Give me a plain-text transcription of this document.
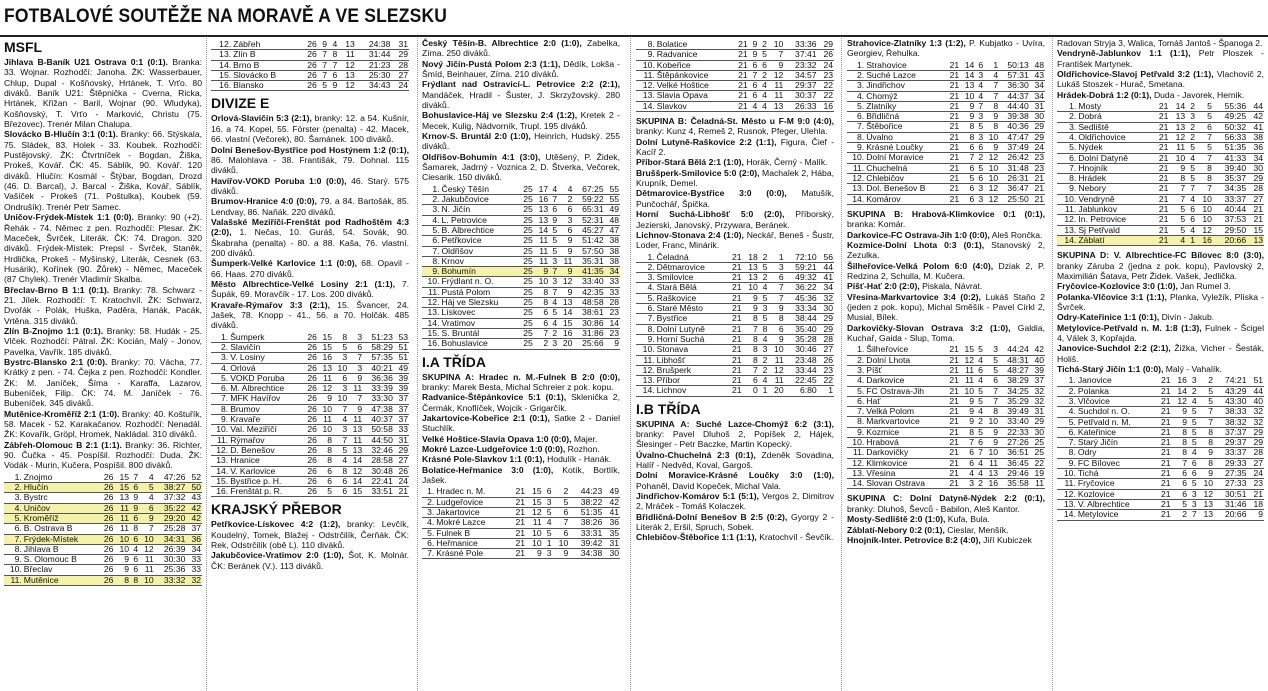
FOTBALOVÉ SOUTĚŽE NA MORAVĚ A VE SLEZSKU
MSFL

Jihlava B-Baník U21 Ostrava 0:1 (0:1). Branka: 33. Wojnar. Rozhodčí: Janoha. ŽK: Wasserbauer, Chlup, Dupal - Košňovský, Hrtánek, T. Vrťo. 80 diváků. Baník U21: Štěpnička - Cverna, Ricka, Hrtánek, Křižan - Baril, Wojnar (90. Wludyka), Košňovský, T. Vrťo - Marković, Christu (75. Březovec). Trenér Milan Chalupa.

Slovácko B-Hlučín 3:1 (0:1). Branky: 66. Stýskala, 75. Sládek, 83. Holek - 33. Koubek. Rozhodčí: Pustějovský. ŽK: Čtvrtníček - Bogdan, Žiška, Prokeš, Kovář. ČK: 45. Sáblík, 90. Kovář. 120 diváků. Hlučín: Kosmál - Štýbar, Bogdan, Drozd (46. D. Barcal), J. Barcal - Žiška, Kovář, Sáblík, Vašíček - Prokeš (71. Poštulka), Koubek (59. Ondrušík). Trenér Petr Samec.

Uničov-Frýdek-Místek 1:1 (0:0). Branky: 90 (+2). Řehák - 74. Němec z pen. Rozhodčí: Plesar. ŽK: Maceček, Švrček, Literák. ČK: 74. Dragon. 320 diváků. Frýdek-Místek: Prepsl - Švrček, Staněk, Hrdlička, Prokeš - Myšinský, Literák, Cesnek (63. Husárik), Kořínek (90. Žůrek) - Němec, Maceček (87 Chylek). Trenér Vladimír Skalba.

Břeclav-Brno B 1:1 (0:1). Branky: 78. Schwarz - 21. Jílek. Rozhodčí: T. Kratochvíl. ŽK: Schwarz, Dvořák - Polák, Huška, Paděra, Hanák, Pacák, Vrtěna. 315 diváků.

Zlín B-Znojmo 1:1 (0:1). Branky: 58. Hudák - 25. Vlček. Rozhodčí: Pátral. ŽK: Kocián, Malý - Jonov, Pavelka, Vavřík. 185 diváků.

Bystrc-Blansko 2:1 (0:0). Branky: 70. Vácha, 77. Krátký z pen. - 74. Čejka z pen. Rozhodčí: Kondler. ŽK: M. Janíček, Šíma - Karaffa, Lazarov, Bubeníček, Filip. ČK: 74. M. Janíček - 76. Bubeníček. 345 diváků.

Mutěnice-Kroměříž 2:1 (1:0). Branky: 40. Koštuřík, 58. Macek - 52. Karakačanov. Rozhodčí: Nenadál. ŽK: Kovařík, Gröpl, Hromek, Nakládal. 310 diváků.

Zábřeh-Olomouc B 2:1 (1:1). Branky: 36. Richter, 90. Čučka - 45. Pospíšil. Rozhodčí: Duda. ŽK: Vodák - Murin, Kučera, Pospíšil. 800 diváků.

1.	Znojmo	26	15	7	4	47:26	52
2.	Hlučín	26	15	6	5	38:27	50
3.	Bystrc	26	13	9	4	37:32	43
4.	Uničov	26	11	9	6	35:22	42
5.	Kroměříž	26	11	6	9	29:20	42
6.	B. Ostrava B	26	11	8	7	25:28	37
7.	Frýdek-Místek	26	10	6	10	34:31	36
8.	Jihlava B	26	10	4	12	26:39	34
9.	S. Olomouc B	26	9	6	11	30:30	33
10.	Břeclav	26	9	6	11	25:36	33
11.	Mutěnice	26	8	8	10	33:32	32
12.	Zábřeh	26	9	4	13	24:38	31
13.	Zlín B	26	7	8	11	31:44	29
14.	Brno B	26	7	7	12	21:23	28
15.	Slovácko B	26	7	6	13	25:30	27
16.	Blansko	26	5	9	12	34:43	24
DIVIZE E

Orlová-Slavičín 5:3 (2:1), branky: 12. a 54. Kušnír, 16. a 74. Kopel, 55. Förster (penalta) - 42. Macek, 66. vlastní (Večorek), 80. Šamánek. 100 diváků.

Dolní Benešov-Bystřice pod Hostýnem 1:2 (0:1), 86. Malohlava - 38. Františák, 79. Dohnal. 115 diváků.

Havířov-VOKD Poruba 1:0 (0:0), 46. Starý. 575 diváků.

Brumov-Hranice 4:0 (0:0), 79. a 84. Bartošák, 85. Lendvay, 86. Naňák. 220 diváků.

Valašské Meziříčí-Frenštát pod Radhoštěm 4:3 (2:0), 1. Nečas, 10. Guráš, 54. Sovák, 90. Škabraha (penalta) - 80. a 88. Kaša, 76. vlastní. 200 diváků.

Šumperk-Velké Karlovice 1:1 (0:0), 68. Opavil - 66. Haas. 270 diváků.

Město Albrechtice-Velké Losiny 2:1 (1:1), 7. Šupák, 69. Moravčík - 17. Los. 200 diváků.

Kravaře-Rýmařov 3:3 (2:1), 15. Švancer, 24. Jašek, 78. Knopp - 41., 56. a 70. Holčák. 485 diváků.

1.	Šumperk	26	15	8	3	51:23	53
2.	Slavičín	26	15	5	6	58:29	51
3.	V. Losiny	26	16	3	7	57:35	51
4.	Orlová	26	13	10	3	40:21	49
5.	VOKD Poruba	26	11	6	9	36:36	39
6.	M. Albrechtice	26	12	3	11	33:39	39
7.	MFK Havířov	26	9	10	7	33:30	37
8.	Brumov	26	10	7	9	47:38	37
9.	Kravaře	26	11	4	11	40:37	37
10.	Val. Meziříčí	26	10	3	13	50:58	33
11.	Rýmařov	26	8	7	11	44:50	31
12.	D. Benešov	26	8	5	13	32:46	29
13.	Hranice	26	8	4	14	28:58	27
14.	V. Karlovice	26	6	8	12	30:48	26
15.	Bystřice p. H.	26	6	6	14	22:41	24
16.	Frenštát p. R.	26	5	6	15	33:51	21
KRAJSKÝ PŘEBOR

Petřkovice-Lískovec 4:2 (1:2), branky: Levčík, Koudelný, Tomek, Blažej - Odstrčilík, Čerňák. ČK: Rek, Odstrčilík (obě L). 110 diváků.

Jakubčovice-Vratimov 2:0 (1:0), Šot, K. Molnár. ČK: Beránek (V.). 113 diváků.

Český Těšín-B. Albrechtice 2:0 (1:0), Zabelka, Zíma. 250 diváků.

Nový Jičín-Pustá Polom 2:3 (1:1), Dědík, Lokša - Šmíd, Beinhauer, Zíma. 210 diváků.

Frýdlant nad Ostravicí-L. Petrovice 2:2 (2:1), Mandáček, Hradil - Šuster, J. Skrzyžovský. 280 diváků.

Bohuslavice-Háj ve Slezsku 2:4 (1:2), Kretek 2 - Mecek, Kulig, Nádvorník, Trupl. 195 diváků.

Krnov-S. Bruntál 2:0 (1:0), Heinrich, Hudský. 255 diváků.

Oldřišov-Bohumín 4:1 (3:0), Utěšený, P. Židek, Šamarek, Jadrný - Voznica 2, D. Štverka, Večorek, Ciesarik. 150 diváků.

1.	Český Těšín	25	17	4	4	67:25	55
2.	Jakubčovice	25	16	7	2	59:22	55
3.	N. Jičín	25	13	6	6	65:31	49
4.	L. Petrovice	25	13	9	3	52:31	48
5.	B. Albrechtice	25	14	5	6	45:27	47
6.	Petřkovice	25	11	5	9	51:42	38
7.	Oldřišov	25	11	5	9	57:50	38
8.	Krnov	25	11	3	11	35:31	38
9.	Bohumín	25	9	7	9	41:35	34
10.	Frýdlant n. O.	25	10	3	12	33:40	33
11.	Pustá Polom	25	8	7	9	42:35	33
12.	Háj ve Slezsku	25	8	4	13	48:58	28
13.	Lískovec	25	6	5	14	38:61	23
14.	Vratimov	25	6	4	15	30:86	14
15.	S. Bruntál	25	7	2	16	31:86	23
16.	Bohuslavice	25	2	3	20	25:66	9
I.A TŘÍDA

SKUPINA A: Hradec n. M.-Fulnek B 2:0 (0:0), branky: Marek Besta, Michal Schreier z pok. kopu.

Radvanice-Štěpánkovice 5:1 (0:1), Sklenička 2, Čermák, Knoflíček, Wojcik - Grigarčík.

Jakartovice-Kobeřice 2:1 (0:1), Satke 2 - Daniel Stuchlík.

Velké Hoštice-Slavia Opava 1:0 (0:0), Majer.

Mokré Lazce-Ludgeřovice 1:0 (0:0), Rozhon.

Krásné Pole-Slavkov 1:1 (0:1), Hodulík - Hanák.

Bolatice-Heřmanice 3:0 (1:0), Kotík, Bortlík, Jašek.

1.	Hradec n. M.	21	15	6	2	44:23	49
2.	Ludgeřovice	21	15	3	5	38:22	42
3.	Jakartovice	21	12	5	6	51:35	41
4.	Mokré Lazce	21	11	4	7	38:26	36
5.	Fulnek B	21	10	5	6	33:31	35
6.	Heřmanice	21	10	1	10	39:42	31
7.	Krásné Pole	21	9	3	9	34:38	30
8.	Bolatice	21	9	2	10	33:36	29
9.	Radvanice	21	9	5	7	37:41	26
10.	Kobeřice	21	6	6	9	23:32	24
11.	Štěpánkovice	21	7	2	12	34:57	23
12.	Velké Hoštice	21	6	4	11	29:37	22
13.	Slavia Opava	21	6	4	11	30:37	22
14.	Slavkov	21	4	4	13	26:33	16

SKUPINA B: Čeladná-St. Město u F-M 9:0 (4:0), branky: Kunz 4, Remeš 2, Rusnok, Pfeger, Ulehla.

Dolní Lutyně-Raškovice 2:2 (1:1), Figura, Čief - Kacíř 2.

Příbor-Stará Bělá 2:1 (1:0), Horák, Černý - Malík.

Bruššperk-Smilovice 5:0 (2:0), Machalek 2, Hába, Krupník, Demel.

Dětmarovice-Bystřice 3:0 (0:0), Matušík, Punčochář, Špička.

Horní Suchá-Libhošť 5:0 (2:0), Příborský, Jezierski, Janovský, Przywara, Beránek.

Lichnov-Stonava 2:4 (1:0), Neckář, Beneš - Šustr, Loder, Franc, Minárik.

1.	Čeladná	21	18	2	1	72:10	56
2.	Dětmarovice	21	13	5	3	59:21	44
3.	Smilovice	21	13	2	6	49:32	41
4.	Stará Bělá	21	10	4	7	36:22	34
5.	Raškovice	21	9	5	7	45:36	32
6.	Staré Město	21	9	3	9	33:34	30
7.	Bystřice	21	8	5	8	38:44	29
8.	Dolní Lutyně	21	7	8	6	35:40	29
9.	Horní Suchá	21	8	4	9	35:28	28
10.	Stonava	21	8	3	10	30:46	27
11.	Libhošť	21	8	2	11	23:48	26
12.	Brušperk	21	7	2	12	33:44	23
13.	Příbor	21	6	4	11	22:45	22
14.	Lichnov	21	0	1	20	6:80	1
I.B TŘÍDA

SKUPINA A: Suché Lazce-Chomýž 6:2 (3:1), branky: Pavel Dluhoš 2, Popíšek 2, Hájek, Šlesinger - Petr Baczke, Martin Kopecký.

Úvalno-Chuchelná 2:3 (0:1), Zdeněk Sovadina, Halíř - Nedvěd, Koval, Gargoš.

Dolní Moravice-Krásné Loučky 3:0 (1:0), Pohaněl, David Kopeček, Michal Vala.

Jindřichov-Komárov 5:1 (5:1), Vergos 2, Dimitrov 2, Mráček - Tomáš Kolaczek.

Břidličná-Dolní Benešov B 2:5 (0:2), Gyorgy 2 - Literák 2, Eršil, Spruch, Sobek.

Chlebičov-Štěbořice 1:1 (1:1), Kratochvíl - Ševčík.

Strahovice-Zlatníky 1:3 (1:2), P. Kubjatko - Uvíra, Georgiev, Řehulka.

1.	Strahovice	21	14	6	1	50:13	48
2.	Suché Lazce	21	14	3	4	57:31	43
3.	Jindřichov	21	13	4	7	36:30	34
4.	Chomýž	21	10	4	7	44:37	34
5.	Zlatníky	21	9	7	8	44:40	31
6.	Břidličná	21	9	3	9	39:38	30
7.	Štěbořice	21	8	5	8	40:36	29
8.	Úvalno	21	8	3	10	47:47	29
9.	Krásné Loučky	21	6	6	9	37:49	24
10.	Dolní Moravice	21	7	2	12	26:42	23
11.	Chuchelná	21	6	5	10	31:48	23
12.	Chlebičov	21	5	6	10	26:31	21
13.	Dol. Benešov B	21	6	3	12	36:47	21
14.	Komárov	21	6	3	12	25:50	21

SKUPINA B: Hrabová-Klimkovice 0:1 (0:1), branka: Komár.

Darkovice-FC Ostrava-Jih 1:0 (0:0), Aleš Rončka.

Kozmice-Dolní Lhota 0:3 (0:1), Stanovský 2, Zezulka.

Šilheřovice-Velká Polom 6:0 (4:0), Dziak 2, P. Redzina 2, Schulla, M. Kučera.

Píšť-Hať 2:0 (2:0), Piskala, Návrat.

Vřesina-Markvartovice 3:4 (0:2), Lukáš Staňo 2 (jeden z pok. kopu), Michal Směšík - Pavel Církl 2, Musial, Bílek.

Darkovičky-Slovan Ostrava 3:2 (1:0), Galdia, Kuchař, Gaida - Slup, Toma.

1.	Šilheřovice	21	15	5	3	44:24	42
2.	Dolní Lhota	21	12	4	5	48:31	40
3.	Píšť	21	11	6	5	48:27	39
4.	Darkovice	21	11	4	6	38:29	37
5.	FC Ostrava-Jih	21	10	5	7	34:25	32
6.	Hať	21	9	5	7	35:29	32
7.	Velká Polom	21	9	4	8	39:49	31
8.	Markvartovice	21	9	2	10	33:40	29
9.	Kozmice	21	8	5	9	22:33	30
10.	Hrabová	21	7	6	9	27:26	25
11.	Darkovičky	21	6	7	10	36:51	25
12.	Klimkovice	21	6	4	11	36:45	22
13.	Vřesina	21	4	4	13	29:46	19
14.	Slovan Ostrava	21	3	2	16	35:58	11

SKUPINA C: Dolní Datyně-Nýdek 2:2 (0:1), branky: Dluhoš, Ševců - Babilon, Aleš Kantor.

Mosty-Sedliště 2:0 (1:0), Kufa, Bula.

Záblatí-Nebory 0:2 (0:1), Cieslar, Menšík.

Hnojník-Inter. Petrovice 8:2 (4:0), Jiří Kubiczek

Radovan Stryja 3, Walica, Tomáš Jantoš - Španoga 2.

Vendryně-Jablunkov 1:1 (1:1), Petr Ploszek - František Martynek.

Oldřichovice-Slavoj Petřvald 3:2 (1:1), Vlachovič 2, Lukáš Stoszek - Hurač, Smetana.

Hrádek-Dobrá 1:2 (0:1), Duda - Javorek, Hernik.

1.	Mosty	21	14	2	5	55:36	44
2.	Dobrá	21	13	3	5	49:25	42
3.	Sedliště	21	13	2	6	50:32	41
4.	Oldřichovice	21	12	2	7	56:33	38
5.	Nýdek	21	11	5	5	51:35	36
6.	Dolní Datyně	21	10	4	7	41:33	34
7.	Hnojník	21	9	5	8	39:40	30
8.	Hrádek	21	8	5	8	35:37	29
9.	Nebory	21	7	7	7	34:35	28
10.	Vendryně	21	7	4	10	33:37	27
11.	Jablunkov	21	5	6	10	40:44	21
12.	In. Petrovice	21	5	6	10	37:53	21
13.	Sj Petřvald	21	5	4	12	29:50	15
14.	Záblatí	21	4	1	16	20:66	13

SKUPINA D: V. Albrechtice-FC Bílovec 8:0 (3:0), branky Záruba 2 (jedna z pok. kopu), Pavlovský 2, Maximilián Šatava, Petr Židek. Vašek, Jedlička.

Fryčovice-Kozlovice 3:0 (1:0), Jan Rumel 3.

Polanka-Vlčovice 3:1 (1:1), Planka, Vyležík, Plíska - Švrček.

Odry-Kateřinice 1:1 (0:1), Divín - Jakub.

Metylovice-Petřvald n. M. 1:8 (1:3), Fulnek - Šcigel 4, Válek 3, Kopřajda.

Janovice-Suchdol 2:2 (2:1), Žižka, Vicher - Šesták, Holiš.

Tichá-Starý Jičín 1:1 (0:0), Malý - Vahalík.

1.	Janovice	21	16	3	2	74:21	51
2.	Polanka	21	14	2	5	43:29	44
3.	Vlčovice	21	12	4	5	43:30	40
4.	Suchdol n. O.	21	9	5	7	38:33	32
5.	Petřvald n. M.	21	9	5	7	38:32	32
6.	Kateřinice	21	8	5	8	37:37	29
7.	Starý Jičín	21	8	5	8	29:37	29
8.	Odry	21	8	4	9	33:37	28
9.	FC Bílovec	21	7	6	8	29:33	27
10.	Tichá	21	6	6	9	27:35	24
11.	Fryčovice	21	6	5	10	27:33	23
12.	Kozlovice	21	6	3	12	30:51	21
13.	V. Albrechtice	21	5	3	13	31:46	18
14.	Metylovice	21	2	7	13	20:66	9
